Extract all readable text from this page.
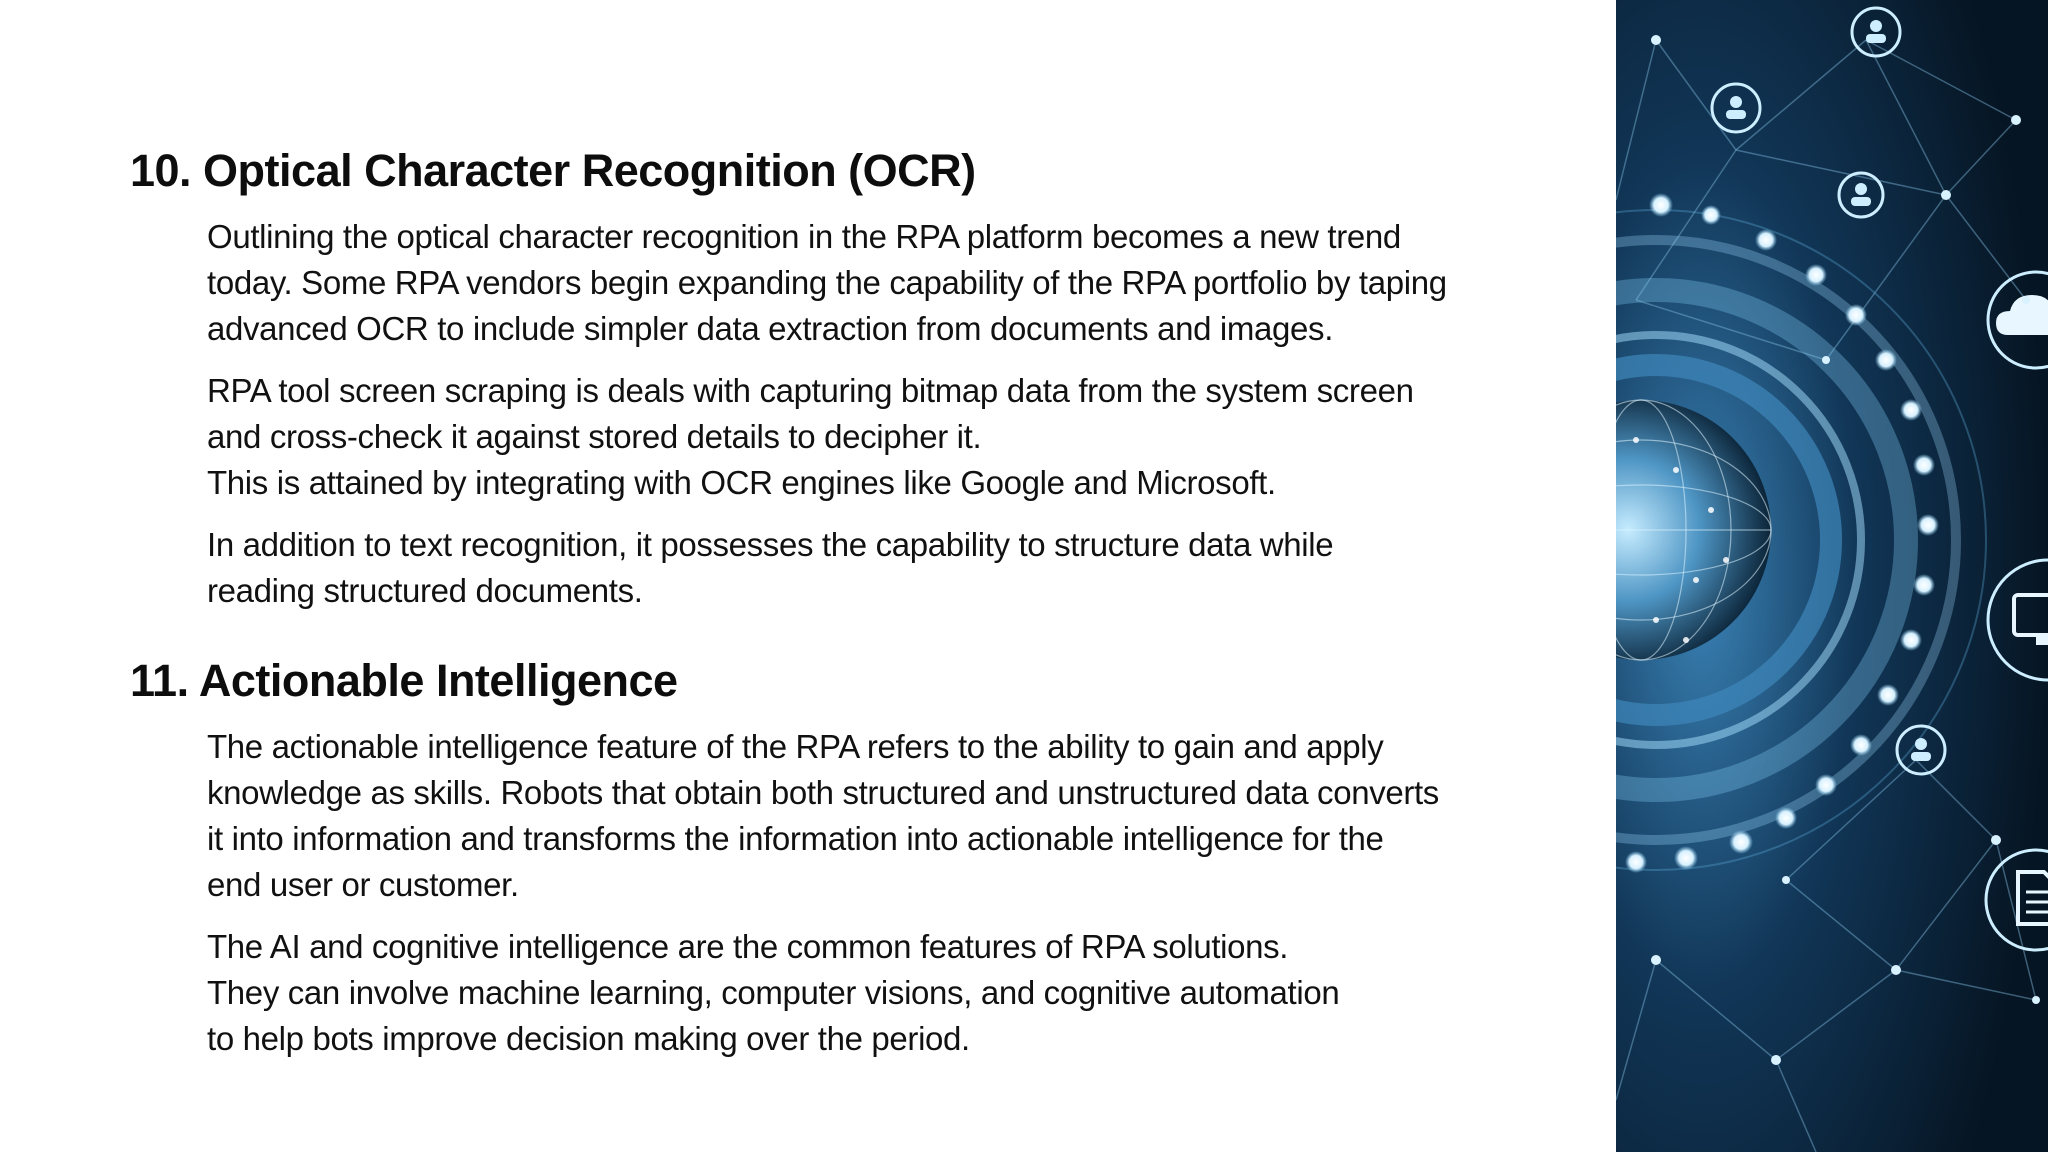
10. Optical Character Recognition (OCR)

Outlining the optical character recognition in the RPA platform becomes a new trend
today. Some RPA vendors begin expanding the capability of the RPA portfolio by taping
advanced OCR to include simpler data extraction from documents and images.

RPA tool screen scraping is deals with capturing bitmap data from the system screen
and cross-check it against stored details to decipher it.
This is attained by integrating with OCR engines like Google and Microsoft.

In addition to text recognition, it possesses the capability to structure data while
reading structured documents.

11. Actionable Intelligence

The actionable intelligence feature of the RPA refers to the ability to gain and apply
knowledge as skills. Robots that obtain both structured and unstructured data converts
it into information and transforms the information into actionable intelligence for the
end user or customer.

The AI and cognitive intelligence are the common features of RPA solutions.
They can involve machine learning, computer visions, and cognitive automation
to help bots improve decision making over the period.
